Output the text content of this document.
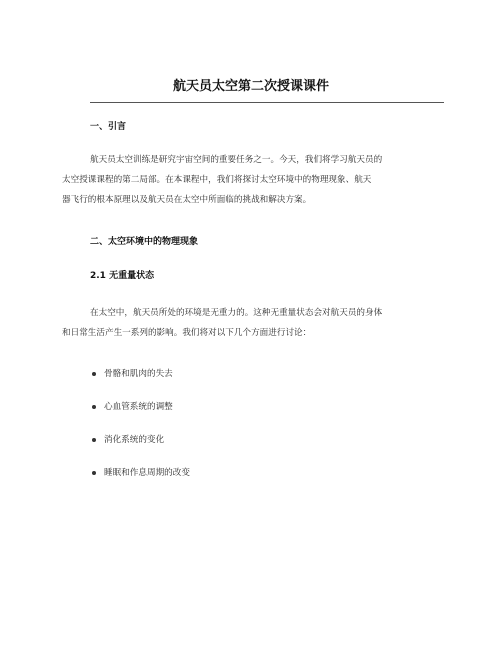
航天员太空第二次授课课件
一、引言
航天员太空训练是研究宇宙空间的重要任务之一。今天，我们将学习航天员的
太空授课课程的第二局部。在本课程中，我们将探讨太空环境中的物理现象、航天
器飞行的根本原理以及航天员在太空中所面临的挑战和解决方案。
二、太空环境中的物理现象
2.1 无重量状态
在太空中，航天员所处的环境是无重力的。这种无重量状态会对航天员的身体
和日常生活产生一系列的影响。我们将对以下几个方面进行讨论：
骨骼和肌肉的失去
心血管系统的调整
消化系统的变化
睡眠和作息周期的改变
